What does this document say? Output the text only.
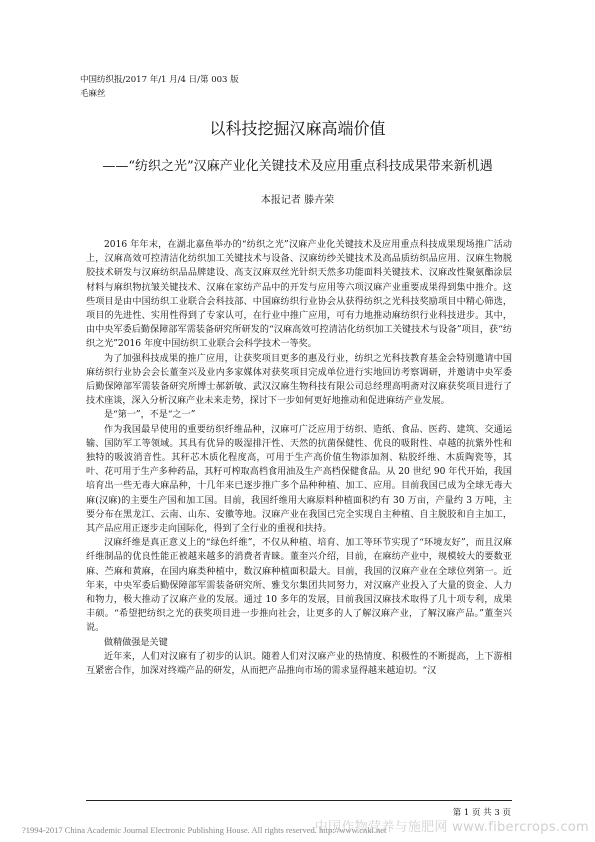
中国纺织报/2017 年/1 月/4 日/第 003 版
毛麻丝
以科技挖掘汉麻高端价值
——“纺织之光”汉麻产业化关键技术及应用重点科技成果带来新机遇
本报记者 滕卉荣

2016 年年末，在湖北嘉鱼举办的“纺织之光”汉麻产业化关键技术及应用重点科技成果现场推广活动上，汉麻高效可控清洁化纺织加工关键技术与设备、汉麻纺纱关键技术及高品质纺织品应用、汉麻生物脱胶技术研发与汉麻纺织品品牌建设、高支汉麻双丝光针织天然多功能面料关键技术、汉麻改性聚氨酯涂层材料与麻织物抗皱关键技术、汉麻在家纺产品中的开发与应用等六项汉麻产业重要成果得到集中推介。这些项目是由中国纺织工业联合会科技部、中国麻纺织行业协会从获得纺织之光科技奖励项目中精心筛选，项目的先进性、实用性得到了专家认可，在行业中推广应用，可有力地推动麻纺织行业科技进步。其中，由中央军委后勤保障部军需装备研究所研发的“汉麻高效可控清洁化纺织加工关键技术与设备”项目，获“纺织之光”2016 年度中国纺织工业联合会科学技术一等奖。

为了加强科技成果的推广应用，让获奖项目更多的惠及行业，纺织之光科技教育基金会特别邀请中国麻纺织行业协会会长董奎兴及业内多家媒体对获奖项目完成单位进行实地回访考察调研，并邀请中央军委后勤保障部军需装备研究所博士郝新敏、武汉汉麻生物科技有限公司总经理高明斋对汉麻获奖项目进行了技术座谈，深入分析汉麻产业未来走势，探讨下一步如何更好地推动和促进麻纺产业发展。

是“第一”，不是“之一”

作为我国最早使用的重要纺织纤维品种，汉麻可广泛应用于纺织、造纸、食品、医药、建筑、交通运输、国防军工等领域。其具有优异的吸湿排汗性、天然的抗菌保健性、优良的吸附性、卓越的抗紫外性和独特的吸波消音性。其秆芯木质化程度高，可用于生产高价值生物添加剂、粘胶纤维、木质陶瓷等，其叶、花可用于生产多种药品，其籽可榨取高档食用油及生产高档保健食品。从 20 世纪 90 年代开始，我国培育出一些无毒大麻品种，十几年来已逐步推广多个品种种植、加工、应用。目前我国已成为全球无毒大麻(汉麻)的主要生产国和加工国。目前，我国纤维用大麻原料种植面积约有 30 万亩，产量约 3 万吨，主要分布在黑龙江、云南、山东、安徽等地。汉麻产业在我国已完全实现自主种植、自主脱胶和自主加工，其产品应用正逐步走向国际化，得到了全行业的重视和扶持。

汉麻纤维是真正意义上的“绿色纤维”，不仅从种植、培育、加工等环节实现了“环境友好”，而且汉麻纤维制品的优良性能正被越来越多的消费者青睐。董奎兴介绍，目前，在麻纺产业中，规模较大的要数亚麻、苎麻和黄麻，在国内麻类种植中，数汉麻种植面积最大。目前，我国的汉麻产业在全球位列第一。近年来，中央军委后勤保障部军需装备研究所、雅戈尔集团共同努力，对汉麻产业投入了大量的资金、人力和物力，极大推动了汉麻产业的发展。通过 10 多年的发展，目前我国汉麻技术取得了几十项专利，成果丰硕。“希望把纺织之光的获奖项目进一步推向社会，让更多的人了解汉麻产业，了解汉麻产品。”董奎兴说。

做精做强是关键

近年来，人们对汉麻有了初步的认识。随着人们对汉麻产业的热情度、积极性的不断提高，上下游相互紧密合作，加深对终端产品的研发，从而把产品推向市场的需求显得越来越迫切。“汉

第 1 页 共 3 页
?1994-2017 China Academic Journal Electronic Publishing House. All rights reserved. http://www.cnki.net
中国作物营养与施肥网 www.fibercrops.com
